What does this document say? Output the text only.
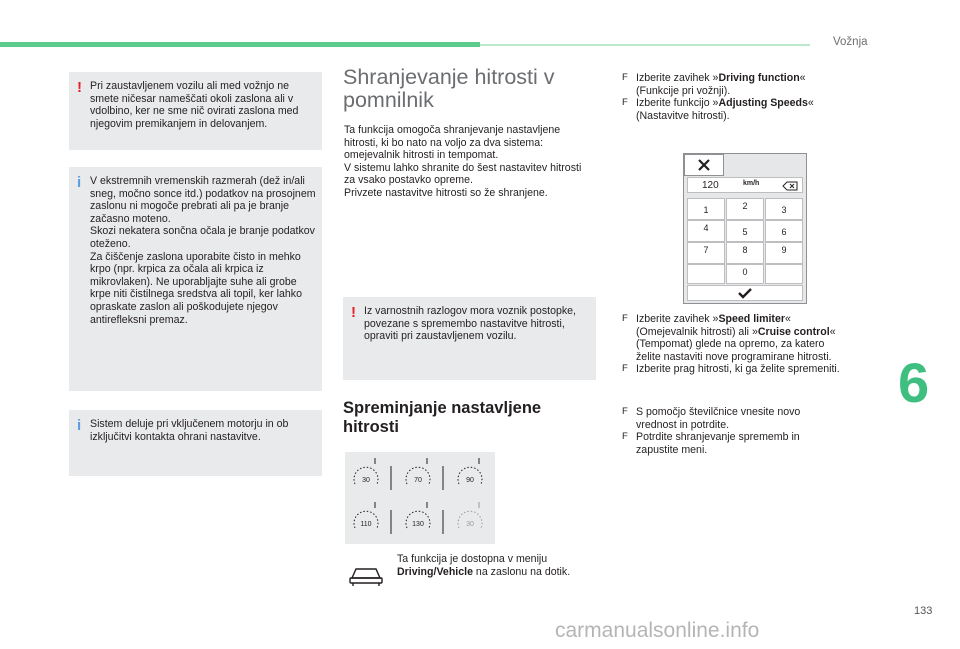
Vožnja
6
133
carmanualsonline.info
! Pri zaustavljenem vozilu ali med vožnjo ne smete ničesar nameščati okoli zaslona ali v vdolbino, ker ne sme nič ovirati zaslona med njegovim premikanjem in delovanjem.

i V ekstremnih vremenskih razmerah (dež in/ali sneg, močno sonce itd.) podatkov na prosojnem zaslonu ni mogoče prebrati ali pa je branje začasno moteno.

Skozi nekatera sončna očala je branje podatkov oteženo.

Za čiščenje zaslona uporabite čisto in mehko krpo (npr. krpica za očala ali krpica iz mikrovlaken). Ne uporabljajte suhe ali grobe krpe niti čistilnega sredstva ali topil, ker lahko opraskate zaslon ali poškodujete njegov antirefleksni premaz.

i Sistem deluje pri vključenem motorju in ob izključitvi kontakta ohrani nastavitve.

Shranjevanje hitrosti v pomnilnik

Ta funkcija omogoča shranjevanje nastavljene hitrosti, ki bo nato na voljo za dva sistema: omejevalnik hitrosti in tempomat.

V sistemu lahko shranite do šest nastavitev hitrosti za vsako postavko opreme.

Privzete nastavitve hitrosti so že shranjene.

! Iz varnostnih razlogov mora voznik postopke, povezane s spremembo nastavitve hitrosti, opraviti pri zaustavljenem vozilu.

Spreminjanje nastavljene hitrosti
30	70	90
110	130	30
Ta funkcija je dostopna v meniju Driving/Vehicle na zaslonu na dotik.
F Izberite zavihek »Driving function« (Funkcije pri vožnji).
F Izberite funkcijo »Adjusting Speeds« (Nastavitve hitrosti).
120	km/h
1	2	3
4	5	6
7	8	9
0
F Izberite zavihek »Speed limiter« (Omejevalnik hitrosti) ali »Cruise control« (Tempomat) glede na opremo, za katero želite nastaviti nove programirane hitrosti.
F Izberite prag hitrosti, ki ga želite spremeniti.
F S pomočjo številčnice vnesite novo vrednost in potrdite.
F Potrdite shranjevanje sprememb in zapustite meni.
